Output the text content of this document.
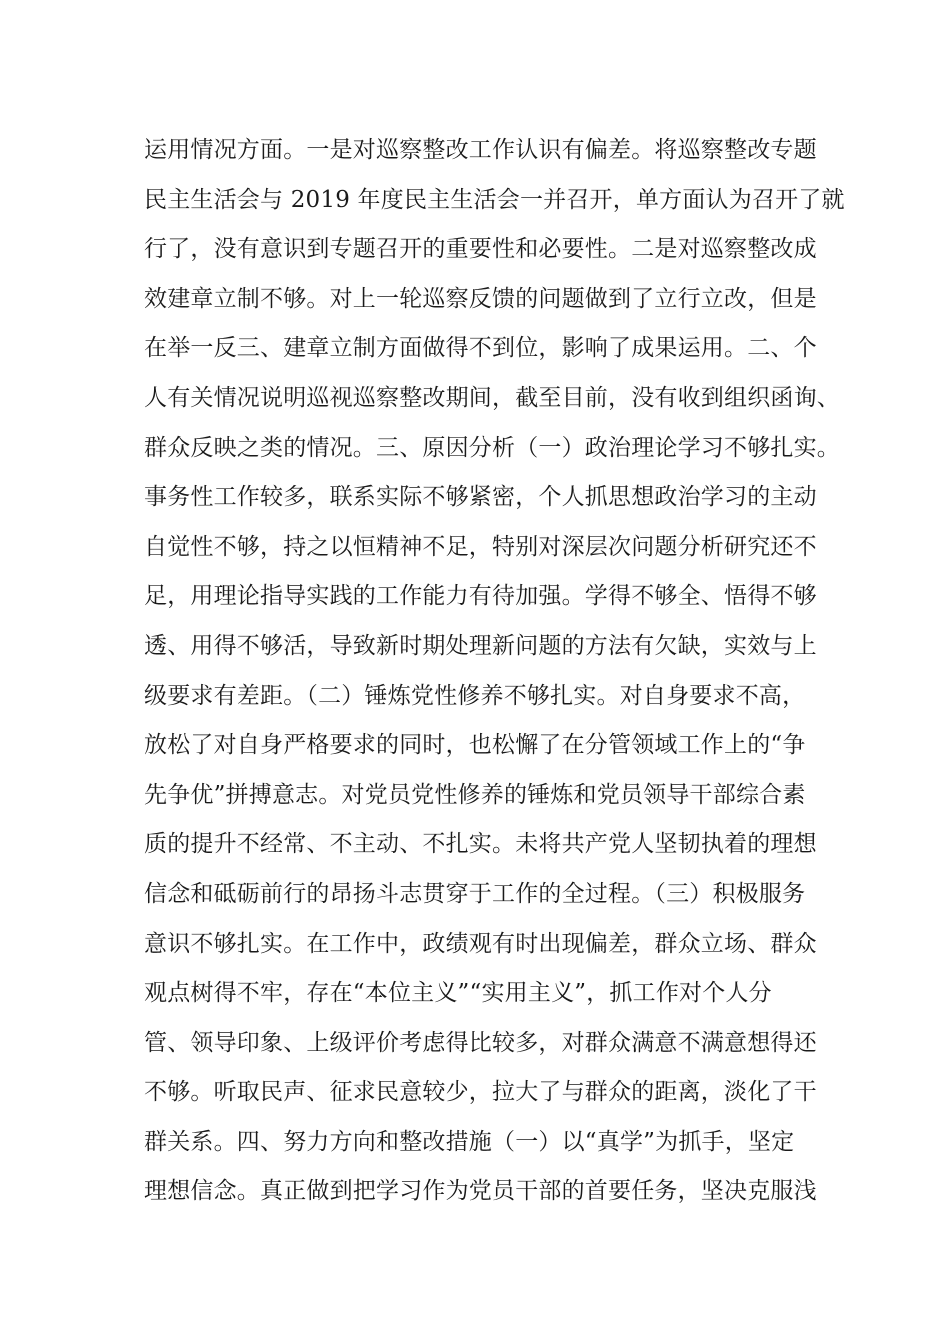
运用情况方面。一是对巡察整改工作认识有偏差。将巡察整改专题
民主生活会与 2019 年度民主生活会一并召开，单方面认为召开了就
行了，没有意识到专题召开的重要性和必要性。二是对巡察整改成
效建章立制不够。对上一轮巡察反馈的问题做到了立行立改，但是
在举一反三、建章立制方面做得不到位，影响了成果运用。二、个
人有关情况说明巡视巡察整改期间，截至目前，没有收到组织函询、
群众反映之类的情况。三、原因分析（一）政治理论学习不够扎实。
事务性工作较多，联系实际不够紧密，个人抓思想政治学习的主动
自觉性不够，持之以恒精神不足，特别对深层次问题分析研究还不
足，用理论指导实践的工作能力有待加强。学得不够全、悟得不够
透、用得不够活，导致新时期处理新问题的方法有欠缺，实效与上
级要求有差距。（二）锤炼党性修养不够扎实。对自身要求不高，
放松了对自身严格要求的同时，也松懈了在分管领域工作上的“争
先争优”拼搏意志。对党员党性修养的锤炼和党员领导干部综合素
质的提升不经常、不主动、不扎实。未将共产党人坚韧执着的理想
信念和砥砺前行的昂扬斗志贯穿于工作的全过程。（三）积极服务
意识不够扎实。在工作中，政绩观有时出现偏差，群众立场、群众
观点树得不牢，存在“本位主义”“实用主义”，抓工作对个人分
管、领导印象、上级评价考虑得比较多，对群众满意不满意想得还
不够。听取民声、征求民意较少，拉大了与群众的距离，淡化了干
群关系。四、努力方向和整改措施（一）以“真学”为抓手，坚定
理想信念。真正做到把学习作为党员干部的首要任务，坚决克服浅
